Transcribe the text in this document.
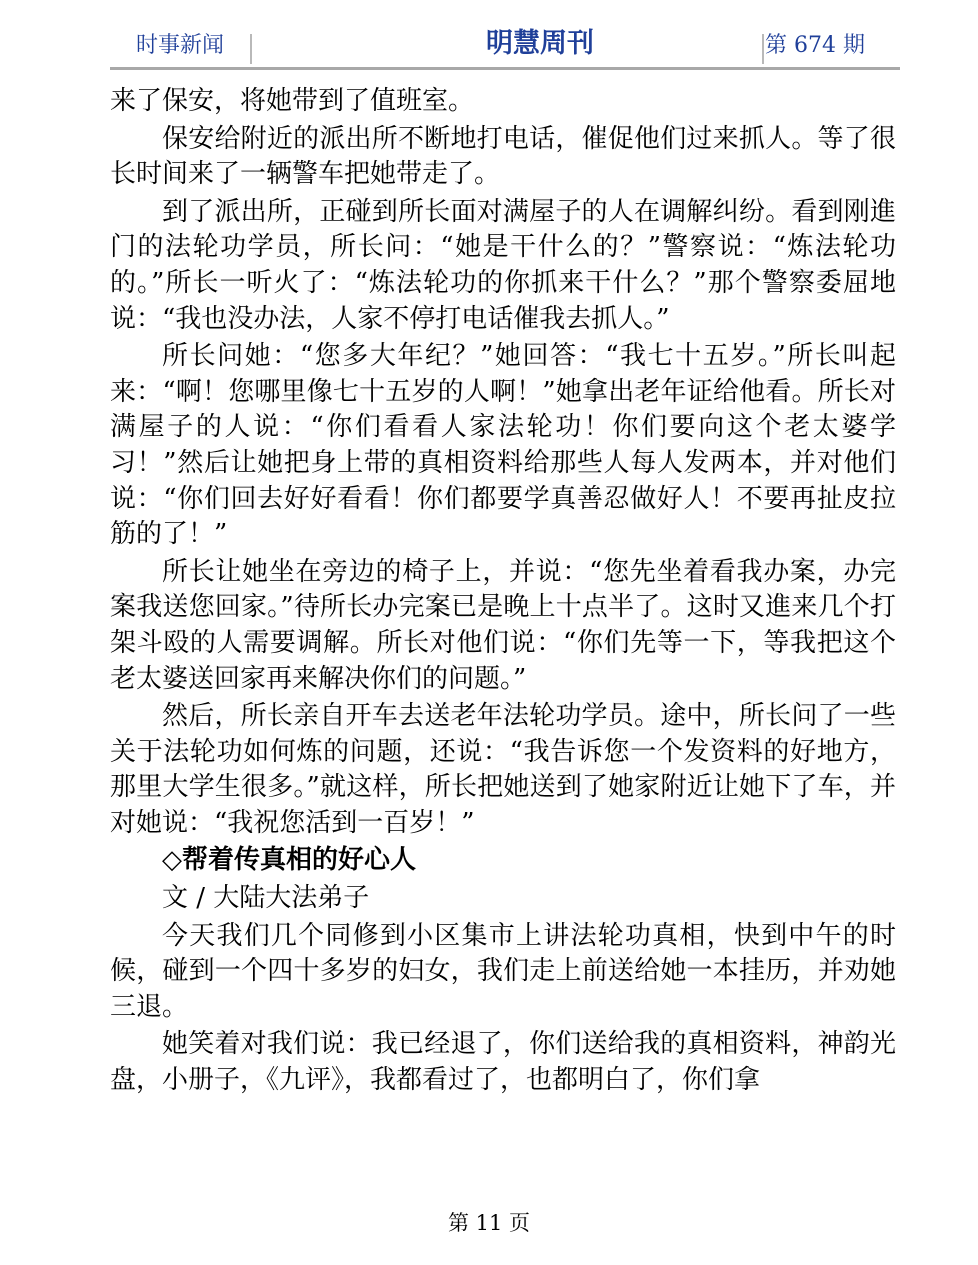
时事新闻	明慧周刊	第 674 期

来了保安，将她带到了值班室。

保安给附近的派出所不断地打电话，催促他们过来抓人。等了很长时间来了一辆警车把她带走了。

到了派出所，正碰到所长面对满屋子的人在调解纠纷。看到刚進门的法轮功学员，所长问：“她是干什么的？”警察说：“炼法轮功的。”所长一听火了：“炼法轮功的你抓来干什么？”那个警察委屈地说：“我也没办法，人家不停打电话催我去抓人。”

所长问她：“您多大年纪？”她回答：“我七十五岁。”所长叫起来：“啊！您哪里像七十五岁的人啊！”她拿出老年证给他看。所长对满屋子的人说：“你们看看人家法轮功！你们要向这个老太婆学习！”然后让她把身上带的真相资料给那些人每人发两本，并对他们说：“你们回去好好看看！你们都要学真善忍做好人！不要再扯皮拉筋的了！”

所长让她坐在旁边的椅子上，并说：“您先坐着看我办案，办完案我送您回家。”待所长办完案已是晚上十点半了。这时又進来几个打架斗殴的人需要调解。所长对他们说：“你们先等一下，等我把这个老太婆送回家再来解决你们的问题。”

然后，所长亲自开车去送老年法轮功学员。途中，所长问了一些关于法轮功如何炼的问题，还说：“我告诉您一个发资料的好地方，那里大学生很多。”就这样，所长把她送到了她家附近让她下了车，并对她说：“我祝您活到一百岁！”

◇帮着传真相的好心人

文 / 大陆大法弟子

今天我们几个同修到小区集市上讲法轮功真相，快到中午的时候，碰到一个四十多岁的妇女，我们走上前送给她一本挂历，并劝她三退。

她笑着对我们说：我已经退了，你们送给我的真相资料，神韵光盘，小册子，《九评》，我都看过了，也都明白了，你们拿

第 11 页
